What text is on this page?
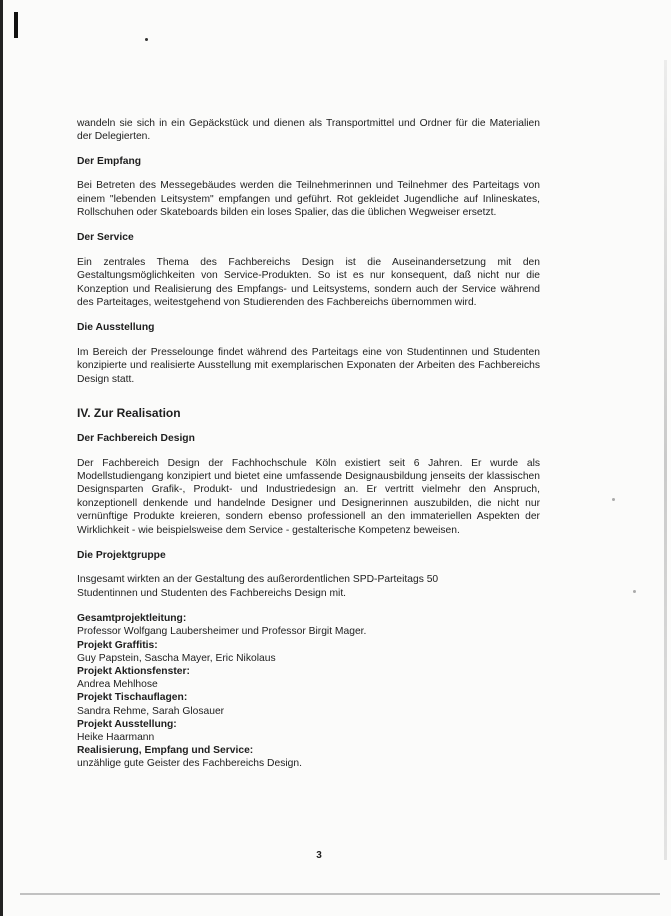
wandeln sie sich in ein Gepäckstück und dienen als Transportmittel und Ordner für die Materialien der Delegierten.

Der Empfang

Bei Betreten des Messegebäudes werden die Teilnehmerinnen und Teilnehmer des Parteitags von einem "lebenden Leitsystem" empfangen und geführt. Rot gekleidet Jugendliche auf Inlineskates, Rollschuhen oder Skateboards bilden ein loses Spalier, das die üblichen Wegweiser ersetzt.

Der Service

Ein zentrales Thema des Fachbereichs Design ist die Auseinandersetzung mit den Gestaltungsmöglichkeiten von Service-Produkten. So ist es nur konsequent, daß nicht nur die Konzeption und Realisierung des Empfangs- und Leitsystems, sondern auch der Service während des Parteitages, weitestgehend von Studierenden des Fachbereichs übernommen wird.

Die Ausstellung

Im Bereich der Presselounge findet während des Parteitags eine von Studentinnen und Studenten konzipierte und realisierte Ausstellung mit exemplarischen Exponaten der Arbeiten des Fachbereichs Design statt.

IV. Zur Realisation
Der Fachbereich Design

Der Fachbereich Design der Fachhochschule Köln existiert seit 6 Jahren. Er wurde als Modellstudiengang konzipiert und bietet eine umfassende Designausbildung jenseits der klassischen Designsparten Grafik-, Produkt- und Industriedesign an. Er vertritt vielmehr den Anspruch, konzeptionell denkende und handelnde Designer und Designerinnen auszubilden, die nicht nur vernünftige Produkte kreieren, sondern ebenso professionell an den immateriellen Aspekten der Wirklichkeit - wie beispielsweise dem Service - gestalterische Kompetenz beweisen.

Die Projektgruppe

Insgesamt wirkten an der Gestaltung des außerordentlichen SPD-Parteitags 50

Studentinnen und Studenten des Fachbereichs Design mit.

Gesamtprojektleitung:
Professor Wolfgang Laubersheimer und Professor Birgit Mager.
Projekt Graffitis:
Guy Papstein, Sascha Mayer, Eric Nikolaus
Projekt Aktionsfenster:
Andrea Mehlhose
Projekt Tischauflagen:
Sandra Rehme, Sarah Glosauer
Projekt Ausstellung:
Heike Haarmann
Realisierung, Empfang und Service:
unzählige gute Geister des Fachbereichs Design.
3
